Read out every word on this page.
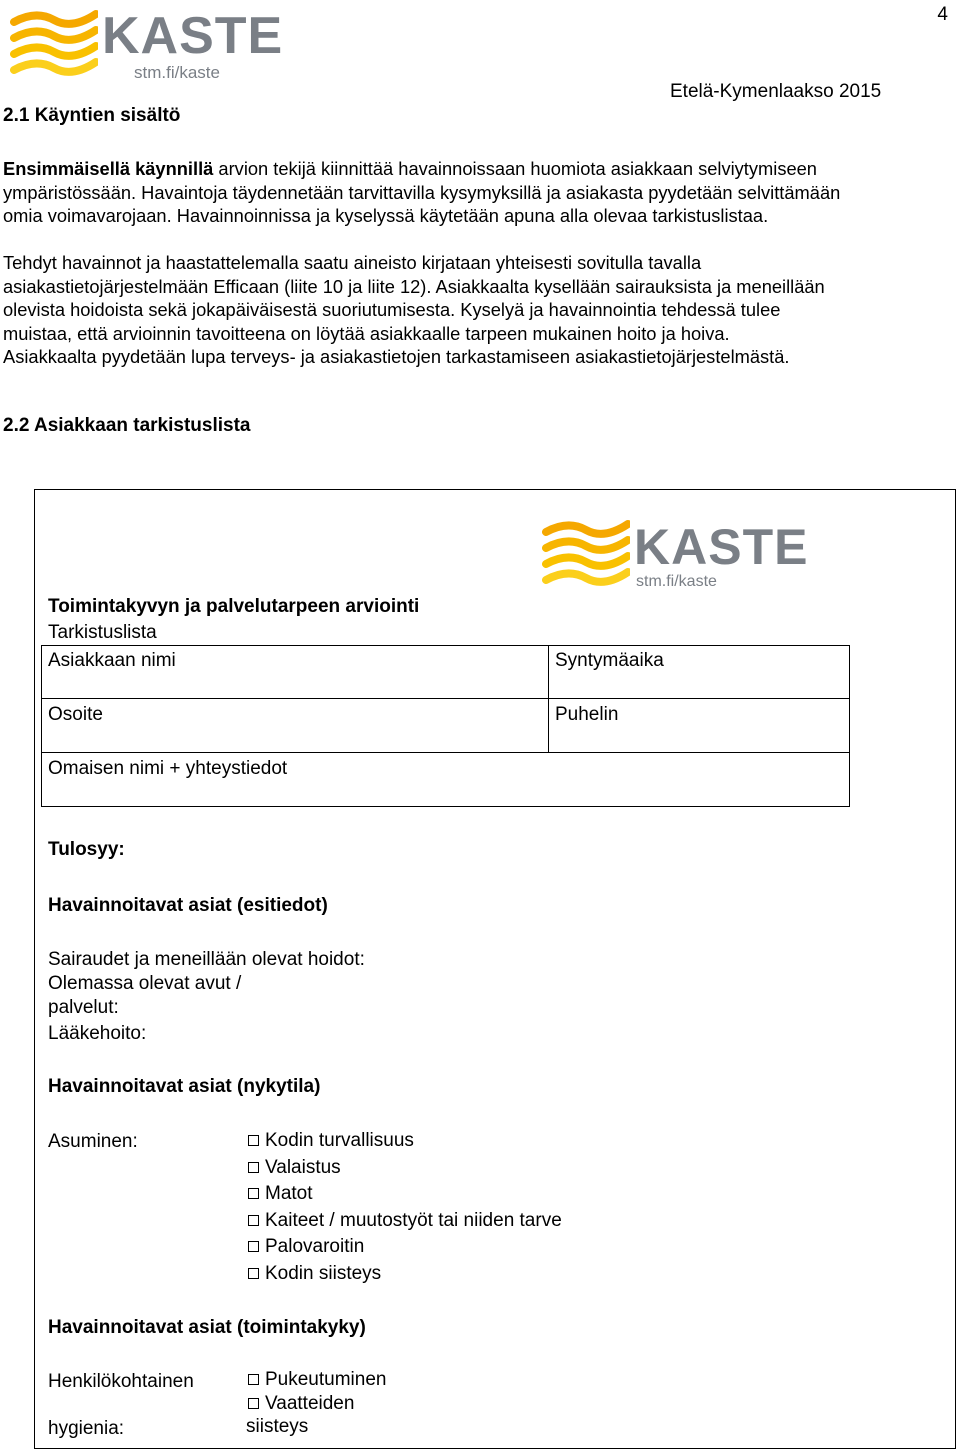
KASTE
stm.fi/kaste
4
Etelä-Kymenlaakso 2015
2.1 Käyntien sisältö
Ensimmäisellä käynnillä arvion tekijä kiinnittää havainnoissaan huomiota asiakkaan selviytymiseen
ympäristössään. Havaintoja täydennetään tarvittavilla kysymyksillä ja asiakasta pyydetään selvittämään
omia voimavarojaan. Havainnoinnissa ja kyselyssä käytetään apuna alla olevaa tarkistuslistaa.
Tehdyt havainnot ja haastattelemalla saatu aineisto kirjataan yhteisesti sovitulla tavalla
asiakastietojärjestelmään Efficaan (liite 10 ja liite 12). Asiakkaalta kysellään sairauksista ja meneillään
olevista hoidoista sekä jokapäiväisestä suoriutumisesta. Kyselyä ja havainnointia tehdessä tulee
muistaa, että arvioinnin tavoitteena on löytää asiakkaalle tarpeen mukainen hoito ja hoiva.
Asiakkaalta pyydetään lupa terveys- ja asiakastietojen tarkastamiseen asiakastietojärjestelmästä.
2.2 Asiakkaan tarkistuslista
KASTE
stm.fi/kaste
Toimintakyvyn ja palvelutarpeen arviointi
Tarkistuslista
Asiakkaan nimi	Syntymäaika
Osoite	Puhelin
Omaisen nimi + yhteystiedot
Tulosyy:
Havainnoitavat asiat (esitiedot)
Sairaudet ja meneillään olevat hoidot:
Olemassa olevat avut /
palvelut:
Lääkehoito:
Havainnoitavat asiat (nykytila)
Asuminen:	Kodin turvallisuus
Valaistus
Matot
Kaiteet / muutostyöt tai niiden tarve
Palovaroitin
Kodin siisteys
Havainnoitavat asiat (toimintakyky)
Henkilökohtainen
hygienia:
Pukeutuminen
Vaatteiden
siisteys
